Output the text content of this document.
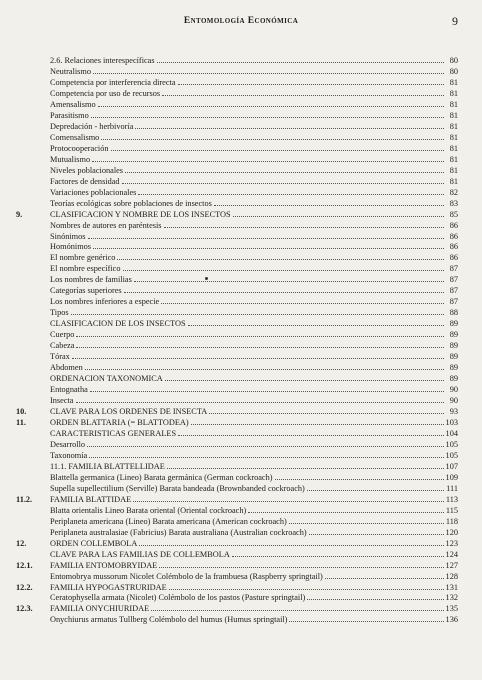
Entomología Económica	9
2.6. Relaciones interespecíficas	80
Neutralismo	80
Competencia por interferencia directa	81
Competencia por uso de recursos	81
Amensalismo	81
Parasitismo	81
Depredación - herbivoría	81
Comensalismo	81
Protocooperación	81
Mutualismo	81
Niveles poblacionales	81
Factores de densidad	81
Variaciones poblacionales	82
Teorías ecológicas sobre poblaciones de insectos	83
9.	CLASIFICACION Y NOMBRE DE LOS INSECTOS	85
Nombres de autores en paréntesis	86
Sinónimos	86
Homónimos	86
El nombre genérico	86
El nombre específico	87
Los nombres de familias	87
Categorías superiores	87
Los nombres inferiores a especie	87
Tipos	88
CLASIFICACION DE LOS INSECTOS	89
Cuerpo	89
Cabeza	89
Tórax	89
Abdomen	89
ORDENACION TAXONOMICA	89
Entognatha	90
Insecta	90
10.	CLAVE PARA LOS ORDENES DE INSECTA	93
11.	ORDEN BLATTARIA (= BLATTODEA)	103
CARACTERISTICAS GENERALES	104
Desarrollo	105
Taxonomía	105
11.1. FAMILIA BLATTELLIDAE	107
Blattella germanica (Lineo) Barata germánica (German cockroach)	109
Supella supellectilium (Serville) Barata bandeada (Brownbanded cockroach)	111
11.2.	FAMILIA BLATTIDAE	113
Blatta orientalis Lineo Barata oriental (Oriental cockroach)	115
Periplaneta americana (Lineo) Barata americana (American cockroach)	118
Periplaneta australasiae (Fabricius) Barata australiana (Australian cockroach)	120
12.	ORDEN COLLEMBOLA	123
CLAVE PARA LAS FAMILIAS DE COLLEMBOLA	124
12.1.	FAMILIA ENTOMOBRYIDAE	127
Entomobrya mussorum Nicolet Colémbolo de la frambuesa (Raspberry springtail)	128
12.2.	FAMILIA HYPOGASTRURIDAE	131
Ceratophysella armata (Nicolet) Colémbolo de los pastos (Pasture springtail)	132
12.3.	FAMILIA ONYCHIURIDAE	135
Onychiurus armatus Tullberg Colémbolo del humus (Humus springtail)	136
